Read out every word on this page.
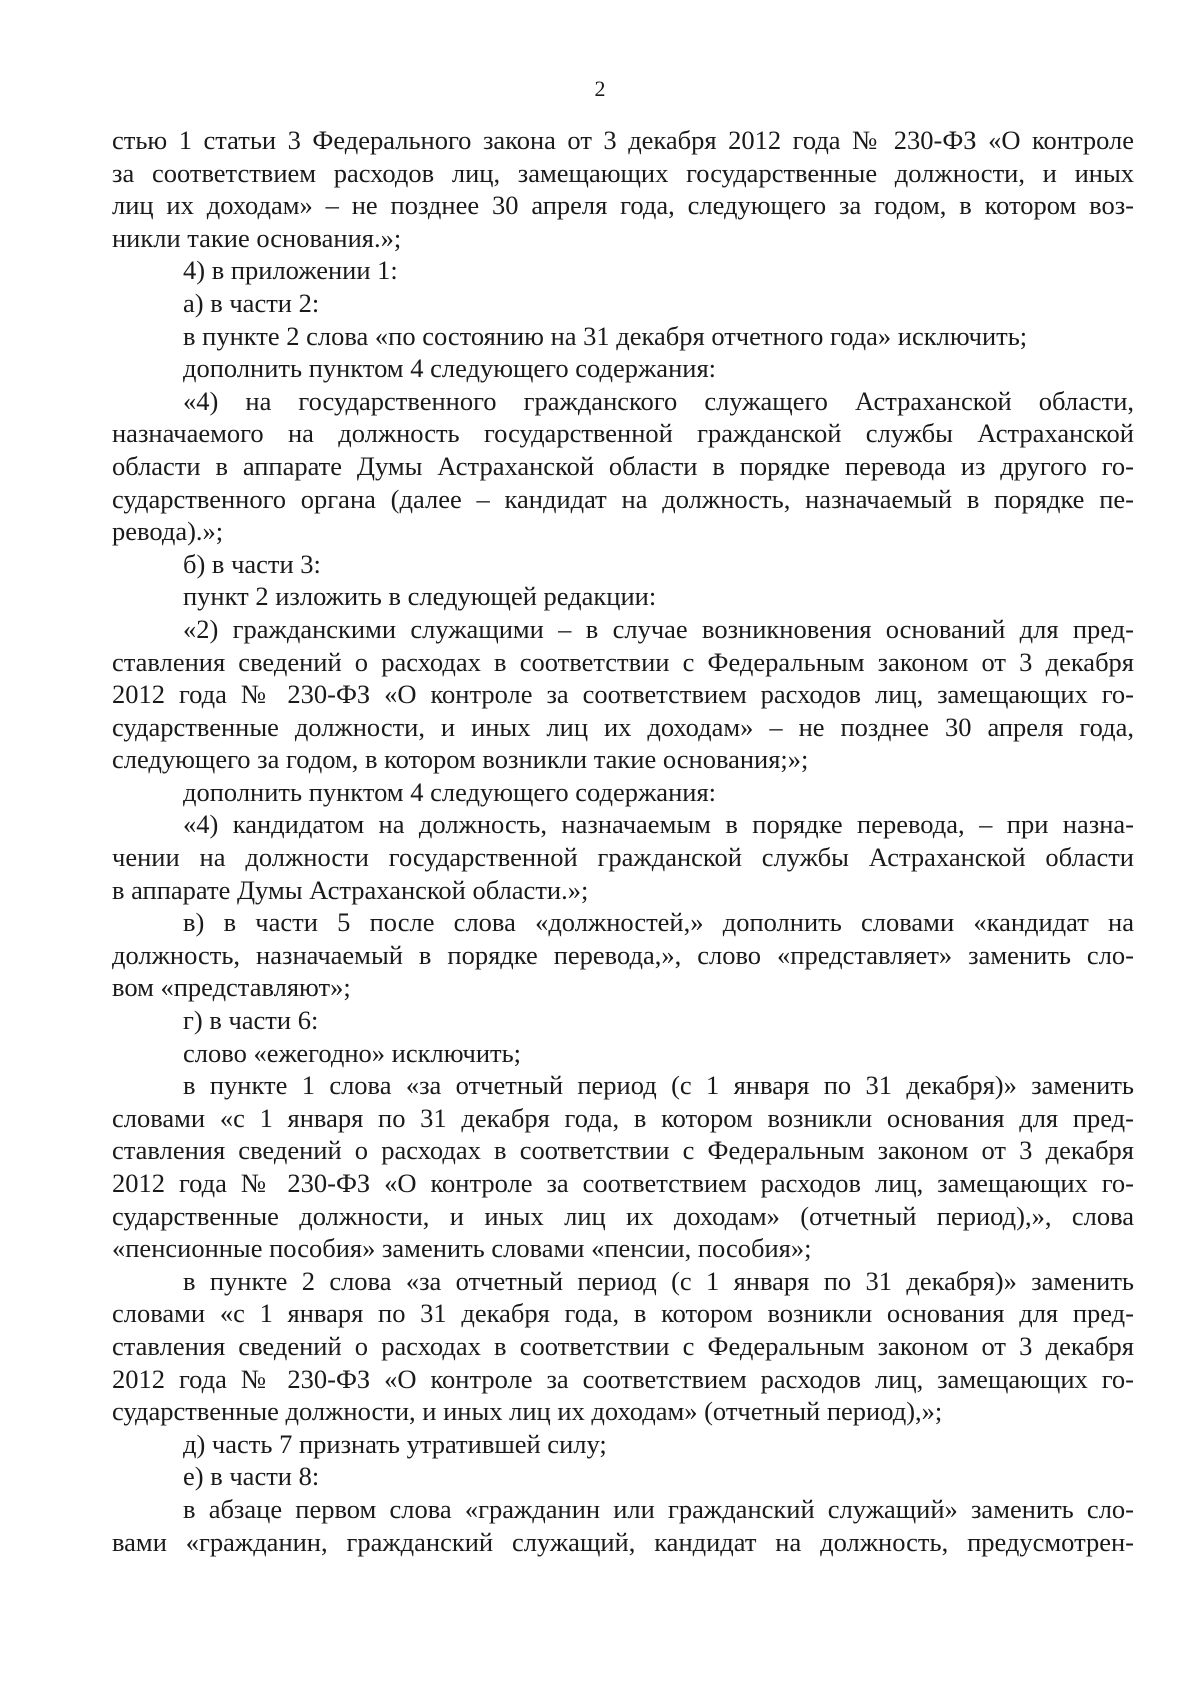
2
стью 1 статьи 3 Федерального закона от 3 декабря 2012 года № 230-ФЗ «О контроле
за соответствием расходов лиц, замещающих государственные должности, и иных
лиц их доходам» – не позднее 30 апреля года, следующего за годом, в котором воз-
никли такие основания.»;
4) в приложении 1:
а) в части 2:
в пункте 2 слова «по состоянию на 31 декабря отчетного года» исключить;
дополнить пунктом 4 следующего содержания:
«4) на государственного гражданского служащего Астраханской области,
назначаемого на должность государственной гражданской службы Астраханской
области в аппарате Думы Астраханской области в порядке перевода из другого го-
сударственного органа (далее – кандидат на должность, назначаемый в порядке пе-
ревода).»;
б) в части 3:
пункт 2 изложить в следующей редакции:
«2) гражданскими служащими – в случае возникновения оснований для пред-
ставления сведений о расходах в соответствии с Федеральным законом от 3 декабря
2012 года № 230-ФЗ «О контроле за соответствием расходов лиц, замещающих го-
сударственные должности, и иных лиц их доходам» – не позднее 30 апреля года,
следующего за годом, в котором возникли такие основания;»;
дополнить пунктом 4 следующего содержания:
«4) кандидатом на должность, назначаемым в порядке перевода, – при назна-
чении на должности государственной гражданской службы Астраханской области
в аппарате Думы Астраханской области.»;
в) в части 5 после слова «должностей,» дополнить словами «кандидат на
должность, назначаемый в порядке перевода,», слово «представляет» заменить сло-
вом «представляют»;
г) в части 6:
слово «ежегодно» исключить;
в пункте 1 слова «за отчетный период (с 1 января по 31 декабря)» заменить
словами «с 1 января по 31 декабря года, в котором возникли основания для пред-
ставления сведений о расходах в соответствии с Федеральным законом от 3 декабря
2012 года № 230-ФЗ «О контроле за соответствием расходов лиц, замещающих го-
сударственные должности, и иных лиц их доходам» (отчетный период),», слова
«пенсионные пособия» заменить словами «пенсии, пособия»;
в пункте 2 слова «за отчетный период (с 1 января по 31 декабря)» заменить
словами «с 1 января по 31 декабря года, в котором возникли основания для пред-
ставления сведений о расходах в соответствии с Федеральным законом от 3 декабря
2012 года № 230-ФЗ «О контроле за соответствием расходов лиц, замещающих го-
сударственные должности, и иных лиц их доходам» (отчетный период),»;
д) часть 7 признать утратившей силу;
е) в части 8:
в абзаце первом слова «гражданин или гражданский служащий» заменить сло-
вами «гражданин, гражданский служащий, кандидат на должность, предусмотрен-
